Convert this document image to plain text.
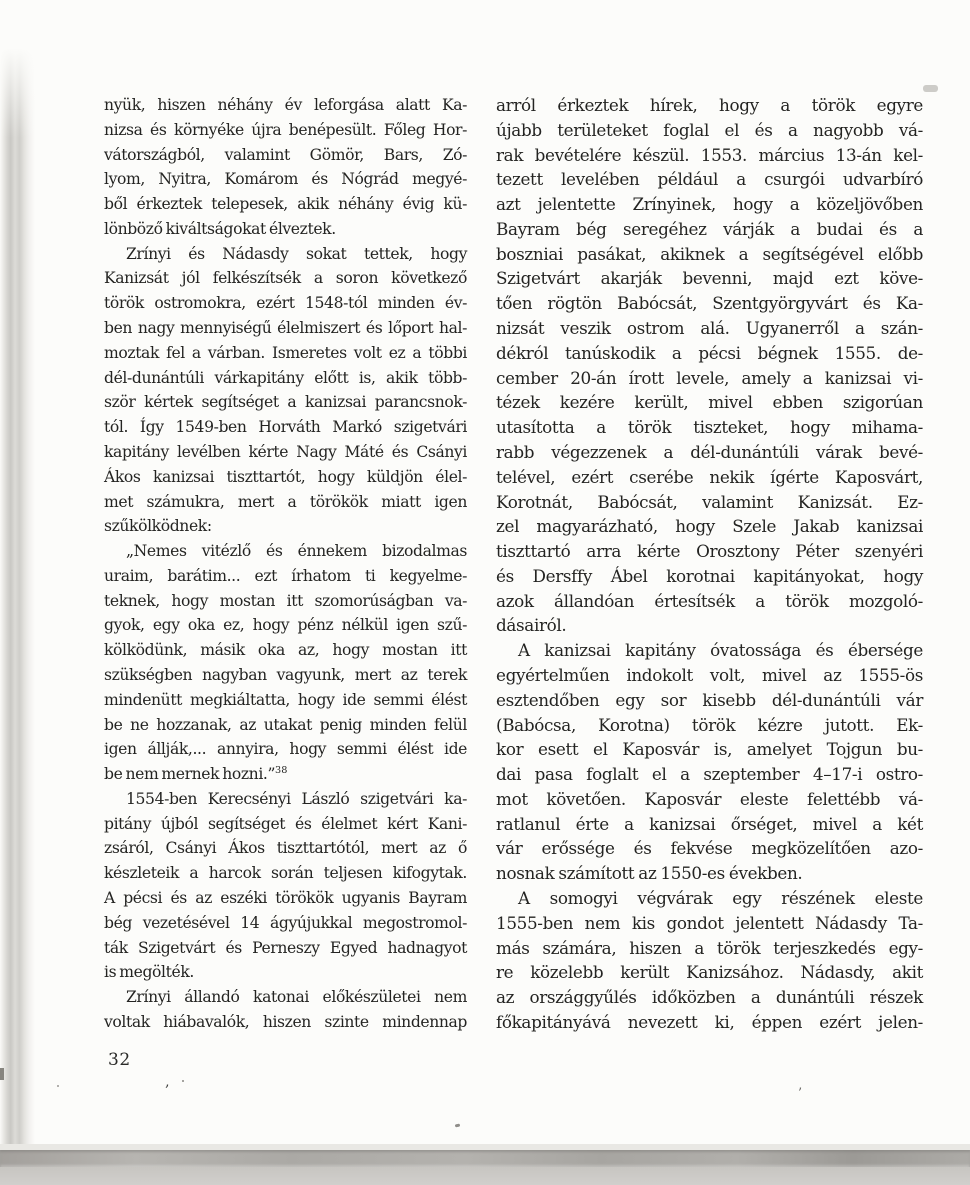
nyük, hiszen néhány év leforgása alatt Ka-
nizsa és környéke újra benépesült. Főleg Hor-
vátországból, valamint Gömör, Bars, Zó-
lyom, Nyitra, Komárom és Nógrád megyé-
ből érkeztek telepesek, akik néhány évig kü-
lönböző kiváltságokat élveztek.
Zrínyi és Nádasdy sokat tettek, hogy
Kanizsát jól felkészítsék a soron következő
török ostromokra, ezért 1548-tól minden év-
ben nagy mennyiségű élelmiszert és lőport hal-
moztak fel a várban. Ismeretes volt ez a többi
dél-dunántúli várkapitány előtt is, akik több-
ször kértek segítséget a kanizsai parancsnok-
tól. Így 1549-ben Horváth Markó szigetvári
kapitány levélben kérte Nagy Máté és Csányi
Ákos kanizsai tiszttartót, hogy küldjön élel-
met számukra, mert a törökök miatt igen
szűkölködnek:
„Nemes vitézlő és énnekem bizodalmas
uraim, barátim... ezt írhatom ti kegyelme-
teknek, hogy mostan itt szomorúságban va-
gyok, egy oka ez, hogy pénz nélkül igen szű-
kölködünk, másik oka az, hogy mostan itt
szükségben nagyban vagyunk, mert az terek
mindenütt megkiáltatta, hogy ide semmi élést
be ne hozzanak, az utakat penig minden felül
igen állják,... annyira, hogy semmi élést ide
be nem mernek hozni.”$^{38}$
1554-ben Kerecsényi László szigetvári ka-
pitány újból segítséget és élelmet kért Kani-
zsáról, Csányi Ákos tiszttartótól, mert az ő
készleteik a harcok során teljesen kifogytak.
A pécsi és az eszéki törökök ugyanis Bayram
bég vezetésével 14 ágyújukkal megostromol-
ták Szigetvárt és Perneszy Egyed hadnagyot
is megölték.
Zrínyi állandó katonai előkészületei nem
voltak hiábavalók, hiszen szinte mindennap
arról érkeztek hírek, hogy a török egyre
újabb területeket foglal el és a nagyobb vá-
rak bevételére készül. 1553. március 13-án kel-
tezett levelében például a csurgói udvarbíró
azt jelentette Zrínyinek, hogy a közeljövőben
Bayram bég seregéhez várják a budai és a
boszniai pasákat, akiknek a segítségével előbb
Szigetvárt akarják bevenni, majd ezt köve-
tően rögtön Babócsát, Szentgyörgyvárt és Ka-
nizsát veszik ostrom alá. Ugyanerről a szán-
dékról tanúskodik a pécsi bégnek 1555. de-
cember 20-án írott levele, amely a kanizsai vi-
tézek kezére került, mivel ebben szigorúan
utasította a török tiszteket, hogy mihama-
rabb végezzenek a dél-dunántúli várak bevé-
telével, ezért cserébe nekik ígérte Kaposvárt,
Korotnát, Babócsát, valamint Kanizsát. Ez-
zel magyarázható, hogy Szele Jakab kanizsai
tiszttartó arra kérte Orosztony Péter szenyéri
és Dersffy Ábel korotnai kapitányokat, hogy
azok állandóan értesítsék a török mozgoló-
dásairól.
A kanizsai kapitány óvatossága és ébersége
egyértelműen indokolt volt, mivel az 1555-ös
esztendőben egy sor kisebb dél-dunántúli vár
(Babócsa, Korotna) török kézre jutott. Ek-
kor esett el Kaposvár is, amelyet Tojgun bu-
dai pasa foglalt el a szeptember 4–17-i ostro-
mot követően. Kaposvár eleste felettébb vá-
ratlanul érte a kanizsai őrséget, mivel a két
vár erőssége és fekvése megközelítően azo-
nosnak számított az 1550-es években.
A somogyi végvárak egy részének eleste
1555-ben nem kis gondot jelentett Nádasdy Ta-
más számára, hiszen a török terjeszkedés egy-
re közelebb került Kanizsához. Nádasdy, akit
az országgyűlés időközben a dunántúli részek
főkapitányává nevezett ki, éppen ezért jelen-
32
‚
’
